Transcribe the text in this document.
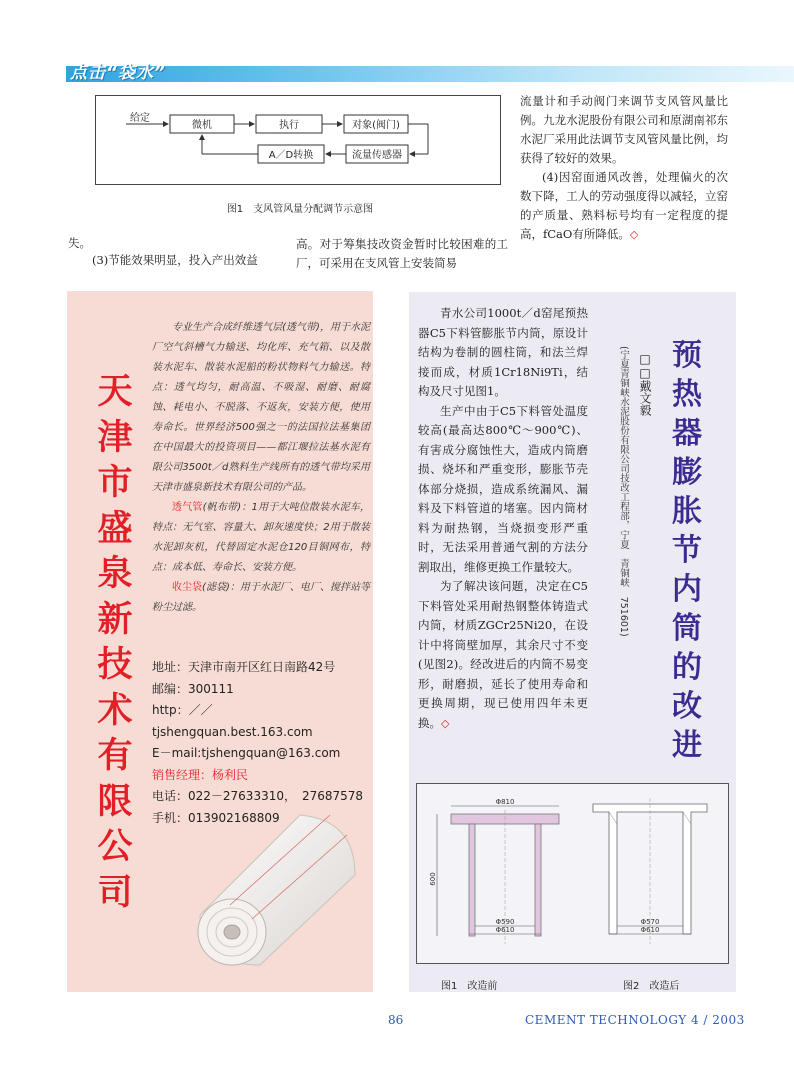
点击“袋水”
给定
微机	执行	对象(阀门)
流量传感器
A／D转换
图1　支风管风量分配调节示意图

流量计和手动阀门来调节支风管风量比例。九龙水泥股份有限公司和原湖南祁东水泥厂采用此法调节支风管风量比例，均获得了较好的效果。

(4)因窑面通风改善，处理偏火的次数下降，工人的劳动强度得以减轻，立窑的产质量、熟料标号均有一定程度的提高，fCaO有所降低。◇

失。
(3)节能效果明显，投入产出效益
高。对于筹集技改资金暂时比较困难的工厂，可采用在支风管上安装简易
天津市盛泉新技术有限公司

专业生产合成纤维透气层(透气带)，用于水泥厂空气斜槽气力输送、均化库、充气箱、以及散装水泥车、散装水泥船的粉状物料气力输送。特点：透气均匀，耐高温、不吸湿、耐磨、耐腐蚀、耗电小、不脱落、不返灰，安装方便，使用寿命长。世界经济500强之一的法国拉法基集团在中国最大的投资项目——都江堰拉法基水泥有限公司3500t／d熟料生产线所有的透气带均采用天津市盛泉新技术有限公司的产品。

透气管(帆布带)：1用于大吨位散装水泥车，特点：无气室、容量大、卸灰速度快；2用于散装水泥卸灰机，代替固定水泥仓120目铜网布，特点：成本低、寿命长、安装方便。

收尘袋(滤袋)：用于水泥厂、电厂、搅拌站等粉尘过滤。

地址：天津市南开区红日南路42号
邮编：300111
http：／／tjshengquan.best.163.com
E－mail:tjshengquan@163.com
销售经理：杨利民
电话：022－27633310，　27687578
手机：013902168809

青水公司1000t／d窑尾预热器C5下料管膨胀节内筒，原设计结构为卷制的圆柱筒，和法兰焊接而成，材质1Cr18Ni9Ti，结构及尺寸见图1。

生产中由于C5下料管处温度较高(最高达800℃～900℃)、有害成分腐蚀性大，造成内筒磨损、烧坏和严重变形，膨胀节壳体部分烧损，造成系统漏风、漏料及下料管道的堵塞。因内筒材料为耐热钢，当烧损变形严重时，无法采用普通气割的方法分割取出，维修更换工作量较大。

为了解决该问题，决定在C5下料管处采用耐热钢整体铸造式内筒，材质ZGCr25Ni20，在设计中将筒壁加厚，其余尺寸不变(见图2)。经改进后的内筒不易变形，耐磨损，延长了使用寿命和更换周期，现已使用四年未更换。◇

预热器膨胀节内筒的改进
□□戴文毅
(宁夏青铜峡水泥股份有限公司技改工程部，宁夏　青铜峡　751601)
Φ810
600
Φ590
Φ610
Φ570
Φ610
图1　改造前	图2　改造后
86	CEMENT TECHNOLOGY 4 / 2003
